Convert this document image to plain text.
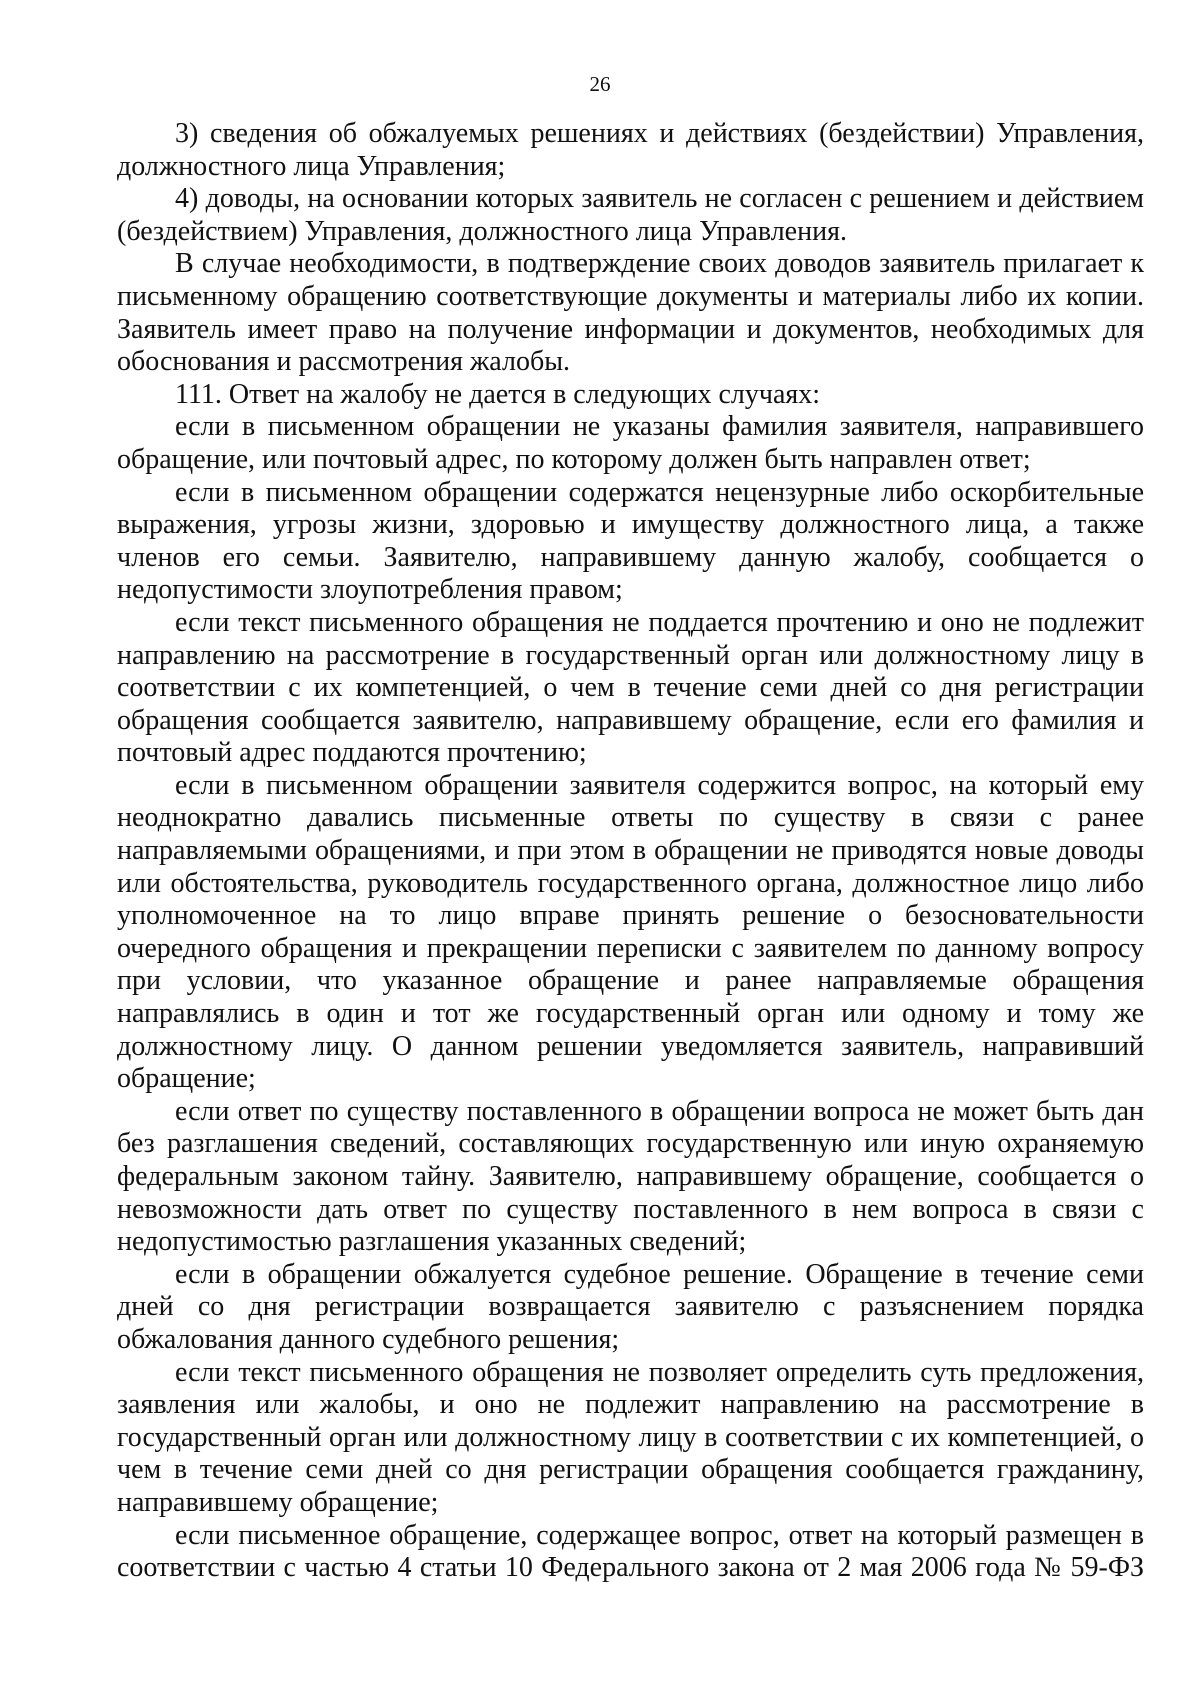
26

3) сведения об обжалуемых решениях и действиях (бездействии) Управления, должностного лица Управления;

4) доводы, на основании которых заявитель не согласен с решением и действием (бездействием) Управления, должностного лица Управления.

В случае необходимости, в подтверждение своих доводов заявитель прилагает к письменному обращению соответствующие документы и материалы либо их копии. Заявитель имеет право на получение информации и документов, необходимых для обоснования и рассмотрения жалобы.

111. Ответ на жалобу не дается в следующих случаях:

если в письменном обращении не указаны фамилия заявителя, направившего обращение, или почтовый адрес, по которому должен быть направлен ответ;

если в письменном обращении содержатся нецензурные либо оскорбительные выражения, угрозы жизни, здоровью и имуществу должностного лица, а также членов его семьи. Заявителю, направившему данную жалобу, сообщается о недопустимости злоупотребления правом;

если текст письменного обращения не поддается прочтению и оно не подлежит направлению на рассмотрение в государственный орган или должностному лицу в соответствии с их компетенцией, о чем в течение семи дней со дня регистрации обращения сообщается заявителю, направившему обращение, если его фамилия и почтовый адрес поддаются прочтению;

если в письменном обращении заявителя содержится вопрос, на который ему неоднократно давались письменные ответы по существу в связи с ранее направляемыми обращениями, и при этом в обращении не приводятся новые доводы или обстоятельства, руководитель государственного органа, должностное лицо либо уполномоченное на то лицо вправе принять решение о безосновательности очередного обращения и прекращении переписки с заявителем по данному вопросу при условии, что указанное обращение и ранее направляемые обращения направлялись в один и тот же государственный орган или одному и тому же должностному лицу. О данном решении уведомляется заявитель, направивший обращение;

если ответ по существу поставленного в обращении вопроса не может быть дан без разглашения сведений, составляющих государственную или иную охраняемую федеральным законом тайну. Заявителю, направившему обращение, сообщается о невозможности дать ответ по существу поставленного в нем вопроса в связи с недопустимостью разглашения указанных сведений;

если в обращении обжалуется судебное решение. Обращение в течение семи дней со дня регистрации возвращается заявителю с разъяснением порядка обжалования данного судебного решения;

если текст письменного обращения не позволяет определить суть предложения, заявления или жалобы, и оно не подлежит направлению на рассмотрение в государственный орган или должностному лицу в соответствии с их компетенцией, о чем в течение семи дней со дня регистрации обращения сообщается гражданину, направившему обращение;

если письменное обращение, содержащее вопрос, ответ на который размещен в соответствии с частью 4 статьи 10 Федерального закона от 2 мая 2006 года № 59-ФЗ
